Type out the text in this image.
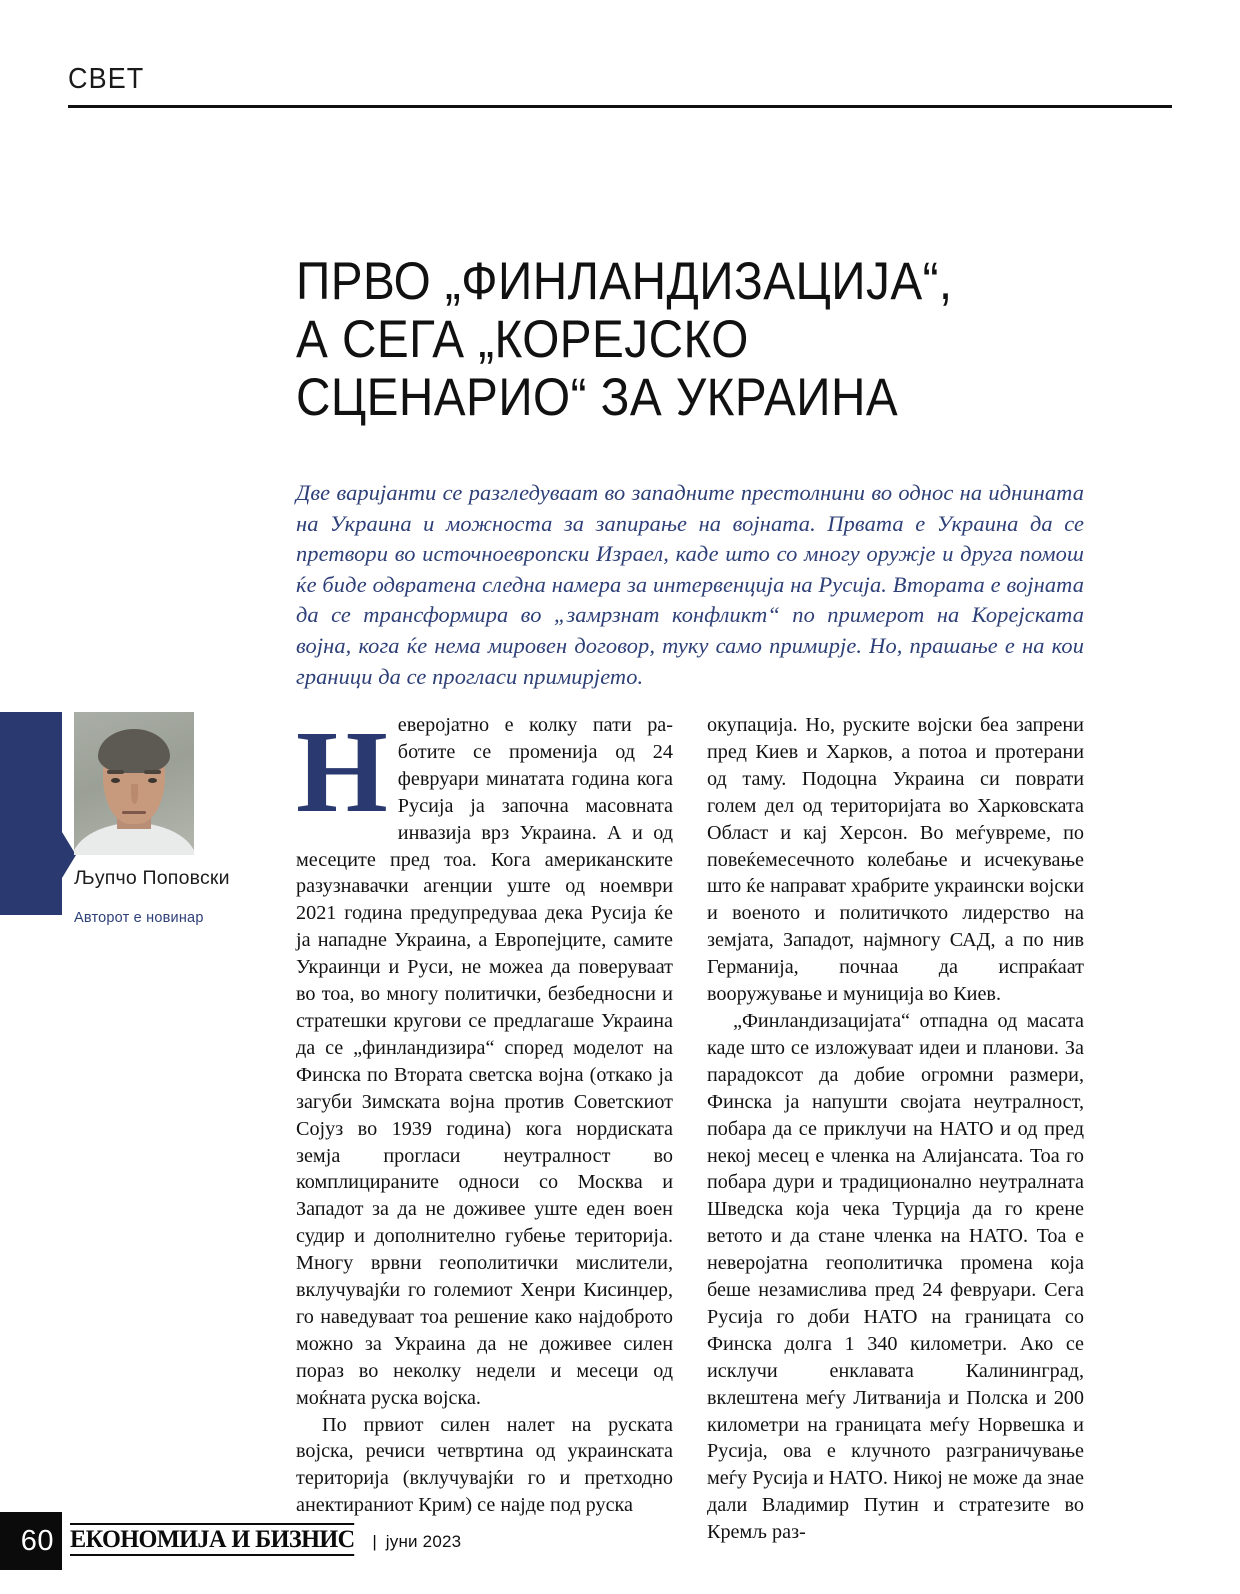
СВЕТ
ПРВО „ФИНЛАНДИЗАЦИЈА“,
А СЕГА „КОРЕЈСКО
СЦЕНАРИО“ ЗА УКРАИНА
Две варијанти се разгледуваат во западните престолнини во однос на иднината на Украина и можноста за запирање на војната. Првата е Украина да се претвори во источноевропски Израел, каде што со многу оружје и друга помош ќе биде одвратена следна намера за интервенција на Русија. Втората е војната да се трансформира во „замрзнат конфликт“ по примерот на Корејската војна, кога ќе нема мировен договор, туку само примирје. Но, прашање е на кои граници да се прогласи примирјето.
Љупчо Поповски
Авторот е новинар

Невероjатно е колку пати работите се променија од 24 февруари минатата година кога Русија ја започна масовната инвазија врз Украина. А и од месеците пред тоа. Кога американските разузнавачки агенции уште од ноември 2021 година предупредуваа дека Русија ќе ја нападне Украина, а Европејците, самите Украинци и Руси, не можеа да поверуваат во тоа, во многу политички, безбедносни и стратешки кругови се предлагаше Украина да се „финландизира“ според моделот на Финска по Втората светска војна (откако ја загуби Зимската војна против Советскиот Сојуз во 1939 година) кога нордиската земја прогласи неутралност во комплицираните односи со Москва и Западот за да не доживее уште еден воен судир и дополнително губење територија. Многу врвни геополитички мислители, вклучувајќи го големиот Хенри Кисинџер, го наведуваат тоа решение како најдоброто можно за Украина да не доживее силен пораз во неколку недели и месеци од моќната руска војска.

По првиот силен налет на руската војска, речиси четвртина од украинската територија (вклучувајќи го и претходно анектираниот Крим) се најде под руска

окупација. Но, руските војски беа запрени пред Киев и Харков, а потоа и протерани од таму. Подоцна Украина си поврати голем дел од територијата во Харковската Област и кај Херсон. Во меѓувреме, по повеќемесечното колебање и исчекување што ќе направат храбрите украински војски и военото и политичкото лидерство на земјата, Западот, најмногу САД, а по нив Германија, почнаа да испраќаат вооружување и муниција во Киев.

„Финландизацијата“ отпадна од масата каде што се изложуваат идеи и планови. За парадоксот да добие огромни размери, Финска ја напушти својата неутралност, побара да се приклучи на НАТО и од пред некој месец е членка на Алијансата. Тоа го побара дури и традиционално неутралната Шведска која чека Турција да го крене ветото и да стане членка на НАТО. Тоа е невероjатна геополитичка промена која беше незамислива пред 24 февруари. Сега Русија го доби НАТО на границата со Финска долга 1 340 километри. Ако се исклучи енклавата Калининград, вклештена меѓу Литванија и Полска и 200 километри на границата меѓу Норвешка и Русија, ова е клучното разграничување меѓу Русија и НАТО. Никој не може да знае дали Владимир Путин и стратезите во Кремљ раз-

60 ЕКОНОМИЈА И БИЗНИС | јуни 2023
